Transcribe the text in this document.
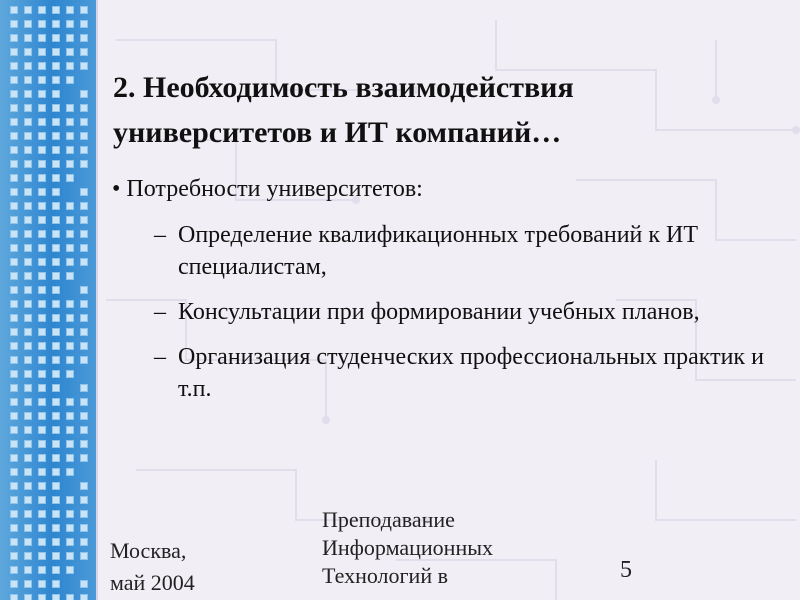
2. Необходимость взаимодействия университетов и ИТ компаний…
• Потребности университетов:
– Определение квалификационных требований к ИТ специалистам,
– Консультации при формировании учебных планов,
– Организация студенческих профессиональных практик и т.п.
Москва,
май 2004
Преподавание
Информационных
Технологий в	5
